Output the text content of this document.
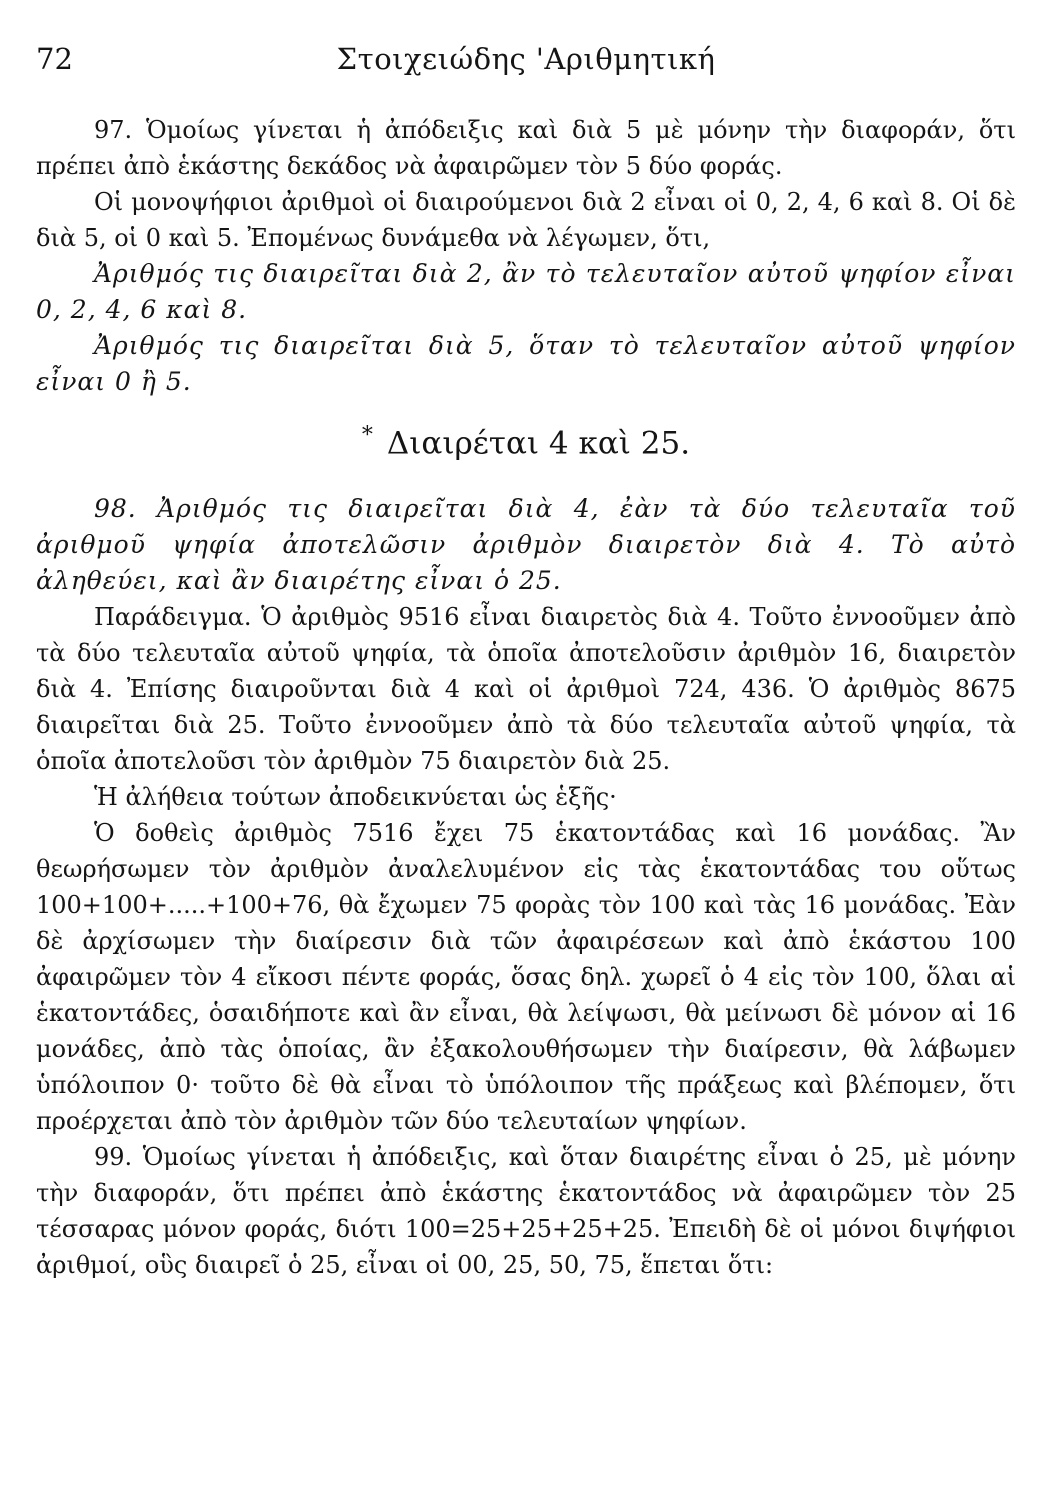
72	Στοιχειώδης 'Αριθμητική

97. Ὁμοίως γίνεται ἡ ἀπόδειξις καὶ διὰ 5 μὲ μόνην τὴν διαφοράν, ὅτι πρέπει ἀπὸ ἑκάστης δεκάδος νὰ ἀφαιρῶμεν τὸν 5 δύο φοράς.

Οἱ μονοψήφιοι ἀριθμοὶ οἱ διαιρούμενοι διὰ 2 εἶναι οἱ 0, 2, 4, 6 καὶ 8. Οἱ δὲ διὰ 5, οἱ 0 καὶ 5. Ἐπομένως δυνάμεθα νὰ λέγωμεν, ὅτι,

Ἀριθμός τις διαιρεῖται διὰ 2, ἂν τὸ τελευταῖον αὐτοῦ ψηφίον εἶναι 0, 2, 4, 6 καὶ 8.

Ἀριθμός τις διαιρεῖται διὰ 5, ὅταν τὸ τελευταῖον αὐτοῦ ψηφίον εἶναι 0 ἢ 5.

* Διαιρέται 4 καὶ 25.

98. Ἀριθμός τις διαιρεῖται διὰ 4, ἐὰν τὰ δύο τελευταῖα τοῦ ἀριθμοῦ ψηφία ἀποτελῶσιν ἀριθμὸν διαιρετὸν διὰ 4. Τὸ αὐτὸ ἀληθεύει, καὶ ἂν διαιρέτης εἶναι ὁ 25.

Παράδειγμα. Ὁ ἀριθμὸς 9516 εἶναι διαιρετὸς διὰ 4. Τοῦτο ἐννοοῦμεν ἀπὸ τὰ δύο τελευταῖα αὐτοῦ ψηφία, τὰ ὁποῖα ἀποτελοῦσιν ἀριθμὸν 16, διαιρετὸν διὰ 4. Ἐπίσης διαιροῦνται διὰ 4 καὶ οἱ ἀριθμοὶ 724, 436. Ὁ ἀριθμὸς 8675 διαιρεῖται διὰ 25. Τοῦτο ἐννοοῦμεν ἀπὸ τὰ δύο τελευταῖα αὐτοῦ ψηφία, τὰ ὁποῖα ἀποτελοῦσι τὸν ἀριθμὸν 75 διαιρετὸν διὰ 25.

Ἡ ἀλήθεια τούτων ἀποδεικνύεται ὡς ἑξῆς·

Ὁ δοθεὶς ἀριθμὸς 7516 ἔχει 75 ἑκατοντάδας καὶ 16 μονάδας. Ἂν θεωρήσωμεν τὸν ἀριθμὸν ἀναλελυμένον εἰς τὰς ἑκατοντάδας του οὕτως 100+100+.....+100+76, θὰ ἔχωμεν 75 φορὰς τὸν 100 καὶ τὰς 16 μονάδας. Ἐὰν δὲ ἀρχίσωμεν τὴν διαίρεσιν διὰ τῶν ἀφαιρέσεων καὶ ἀπὸ ἑκάστου 100 ἀφαιρῶμεν τὸν 4 εἴκοσι πέντε φοράς, ὅσας δηλ. χωρεῖ ὁ 4 εἰς τὸν 100, ὅλαι αἱ ἑκατοντάδες, ὁσαιδήποτε καὶ ἂν εἶναι, θὰ λείψωσι, θὰ μείνωσι δὲ μόνον αἱ 16 μονάδες, ἀπὸ τὰς ὁποίας, ἂν ἐξακολουθήσωμεν τὴν διαίρεσιν, θὰ λάβωμεν ὑπόλοιπον 0· τοῦτο δὲ θὰ εἶναι τὸ ὑπόλοιπον τῆς πράξεως καὶ βλέπομεν, ὅτι προέρχεται ἀπὸ τὸν ἀριθμὸν τῶν δύο τελευταίων ψηφίων.

99. Ὁμοίως γίνεται ἡ ἀπόδειξις, καὶ ὅταν διαιρέτης εἶναι ὁ 25, μὲ μόνην τὴν διαφοράν, ὅτι πρέπει ἀπὸ ἑκάστης ἑκατοντάδος νὰ ἀφαιρῶμεν τὸν 25 τέσσαρας μόνον φοράς, διότι 100=25+25+25+25. Ἐπειδὴ δὲ οἱ μόνοι διψήφιοι ἀριθμοί, οὓς διαιρεῖ ὁ 25, εἶναι οἱ 00, 25, 50, 75, ἕπεται ὅτι:
